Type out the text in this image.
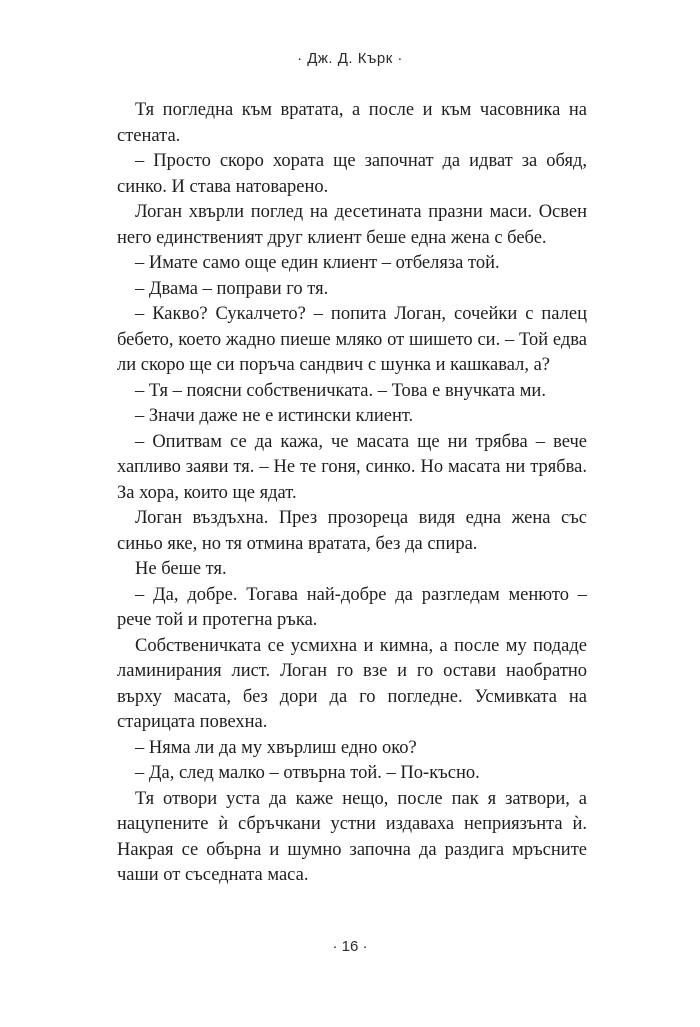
· Дж. Д. Кърк ·

Тя погледна към вратата, а после и към часовника на стената.

– Просто скоро хората ще започнат да идват за обяд, синко. И става натоварено.

Логан хвърли поглед на десетината празни маси. Освен него единственият друг клиент беше една жена с бебе.

– Имате само още един клиент – отбеляза той.

– Двама – поправи го тя.

– Какво? Сукалчето? – попита Логан, сочейки с палец бебето, което жадно пиеше мляко от шишето си. – Той едва ли скоро ще си поръча сандвич с шунка и кашкавал, а?

– Тя – поясни собственичката. – Това е внучката ми.

– Значи даже не е истински клиент.

– Опитвам се да кажа, че масата ще ни трябва – вече хапливо заяви тя. – Не те гоня, синко. Но масата ни трябва. За хора, които ще ядат.

Логан въздъхна. През прозореца видя една жена със синьо яке, но тя отмина вратата, без да спира.

Не беше тя.

– Да, добре. Тогава най-добре да разгледам менюто – рече той и протегна ръка.

Собственичката се усмихна и кимна, а после му подаде ламинирания лист. Логан го взе и го остави наобратно върху масата, без дори да го погледне. Усмивката на старицата повехна.

– Няма ли да му хвърлиш едно око?

– Да, след малко – отвърна той. – По-късно.

Тя отвори уста да каже нещо, после пак я затвори, а нацупените ѝ сбръчкани устни издаваха неприязънта ѝ. Накрая се обърна и шумно започна да раздига мръсните чаши от съседната маса.

· 16 ·
